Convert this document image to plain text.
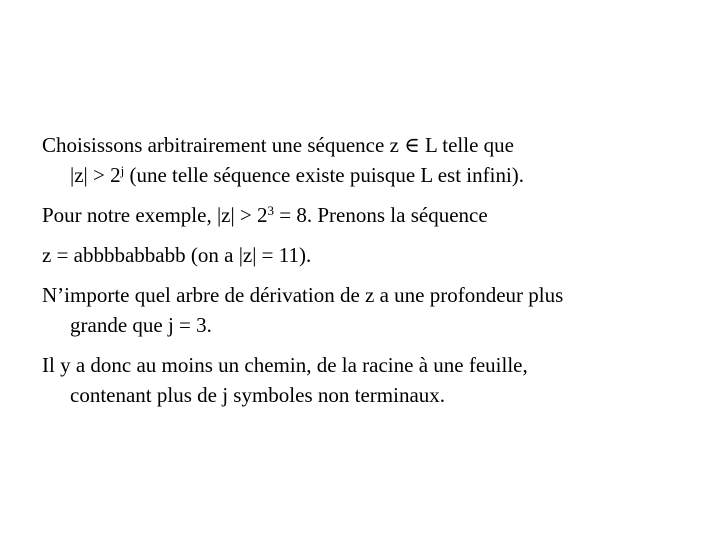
Choisissons arbitrairement une séquence z ∈ L telle que
$|z| > 2^j$ (une telle séquence existe puisque L est infini).

Pour notre exemple, $|z| > 2^3 = 8$. Prenons la séquence

z = abbbbabbabb (on a |z| = 11).

N’importe quel arbre de dérivation de z a une profondeur plus
grande que j = 3.

Il y a donc au moins un chemin, de la racine à une feuille,
contenant plus de j symboles non terminaux.
